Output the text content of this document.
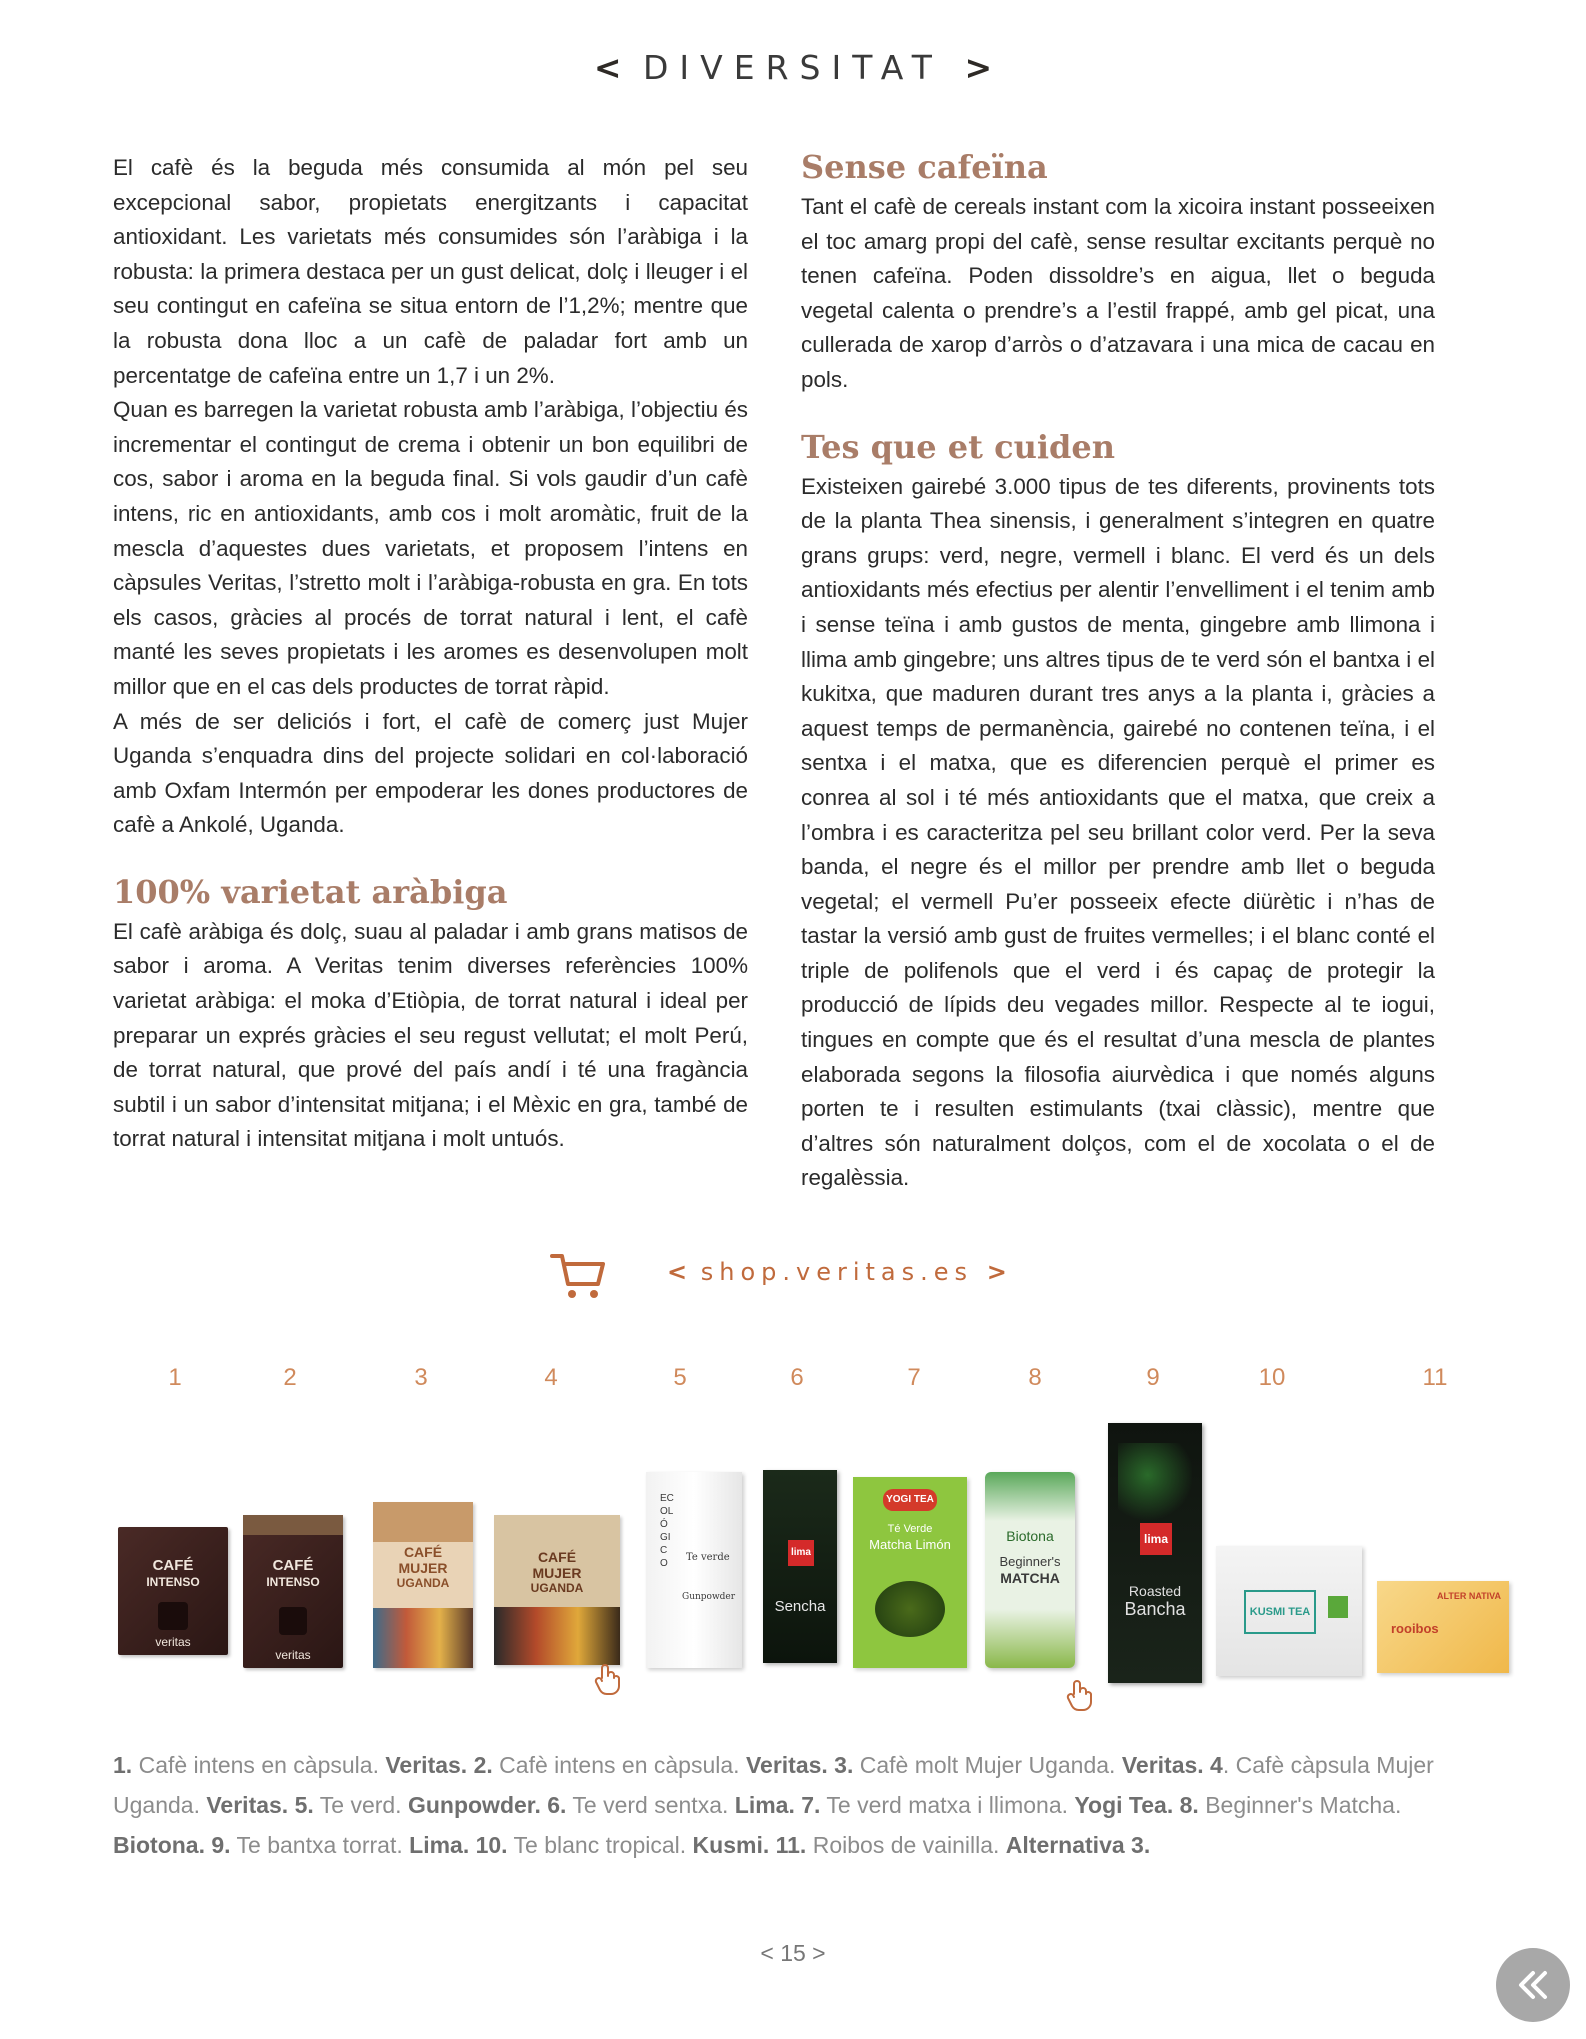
< DIVERSITAT >

El cafè és la beguda més consumida al món pel seu excepcional sabor, propietats energitzants i capacitat antioxidant. Les varietats més consumides són l’aràbiga i la robusta: la primera destaca per un gust delicat, dolç i lleuger i el seu contingut en cafeïna se situa entorn de l’1,2%; mentre que la robusta dona lloc a un cafè de paladar fort amb un percentatge de cafeïna entre un 1,7 i un 2%.

Quan es barregen la varietat robusta amb l’aràbiga, l’objectiu és incrementar el contingut de crema i obtenir un bon equilibri de cos, sabor i aroma en la beguda final. Si vols gaudir d’un cafè intens, ric en antioxidants, amb cos i molt aromàtic, fruit de la mescla d’aquestes dues varietats, et proposem l’intens en càpsules Veritas, l’stretto molt i l’aràbiga-robusta en gra. En tots els casos, gràcies al procés de torrat natural i lent, el cafè manté les seves propietats i les aromes es desenvolupen molt millor que en el cas dels productes de torrat ràpid.

A més de ser deliciós i fort, el cafè de comerç just Mujer Uganda s’enquadra dins del projecte solidari en col·laboració amb Oxfam Intermón per empoderar les dones productores de cafè a Ankolé, Uganda.

100% varietat aràbiga

El cafè aràbiga és dolç, suau al paladar i amb grans matisos de sabor i aroma. A Veritas tenim diverses referències 100% varietat aràbiga: el moka d’Etiòpia, de torrat natural i ideal per preparar un exprés gràcies el seu regust vellutat; el molt Perú, de torrat natural, que prové del país andí i té una fragància subtil i un sabor d’intensitat mitjana; i el Mèxic en gra, també de torrat natural i intensitat mitjana i molt untuós.

Sense cafeïna

Tant el cafè de cereals instant com la xicoira instant posseeixen el toc amarg propi del cafè, sense resultar excitants perquè no tenen cafeïna. Poden dissoldre’s en aigua, llet o beguda vegetal calenta o prendre’s a l’estil frappé, amb gel picat, una cullerada de xarop d’arròs o d’atzavara i una mica de cacau en pols.

Tes que et cuiden

Existeixen gairebé 3.000 tipus de tes diferents, provinents tots de la planta Thea sinensis, i generalment s’integren en quatre grans grups: verd, negre, vermell i blanc. El verd és un dels antioxidants més efectius per alentir l’envelliment i el tenim amb i sense teïna i amb gustos de menta, gingebre amb llimona i llima amb gingebre; uns altres tipus de te verd són el bantxa i el kukitxa, que maduren durant tres anys a la planta i, gràcies a aquest temps de permanència, gairebé no contenen teïna, i el sentxa i el matxa, que es diferencien perquè el primer es conrea al sol i té més antioxidants que el matxa, que creix a l’ombra i es caracteritza pel seu brillant color verd. Per la seva banda, el negre és el millor per prendre amb llet o beguda vegetal; el vermell Pu’er posseeix efecte diürètic i n’has de tastar la versió amb gust de fruites vermelles; i el blanc conté el triple de polifenols que el verd i és capaç de protegir la producció de lípids deu vegades millor. Respecte al te iogui, tingues en compte que és el resultat d’una mescla de plantes elaborada segons la filosofia aiurvèdica i que només alguns porten te i resulten estimulants (txai clàssic), mentre que d’altres són naturalment dolços, com el de xocolata o el de regalèssia.

< shop.veritas.es >
1	2	3	4	5	6	7	8	9	10	11
CAFÉ
INTENSO
veritas
CAFÉ
INTENSO
veritas
CAFÉ
MUJER
UGANDA
CAFÉ
MUJER
UGANDA
ECOLÓGICO
Te verde
Gunpowder
lima
Sencha
YOGI TEA
Té Verde
Matcha Limón
Biotona
Beginner's
MATCHA
lima
Roasted
Bancha	KUSMI TEA
ALTER NATIVA
rooibos
1. Cafè intens en càpsula. Veritas. 2. Cafè intens en càpsula. Veritas. 3. Cafè molt Mujer Uganda. Veritas. 4. Cafè càpsula Mujer Uganda. Veritas. 5. Te verd. Gunpowder. 6. Te verd sentxa. Lima. 7. Te verd matxa i llimona. Yogi Tea. 8. Beginner's Matcha. Biotona. 9. Te bantxa torrat. Lima. 10. Te blanc tropical. Kusmi. 11. Roibos de vainilla. Alternativa 3.
< 15 >
